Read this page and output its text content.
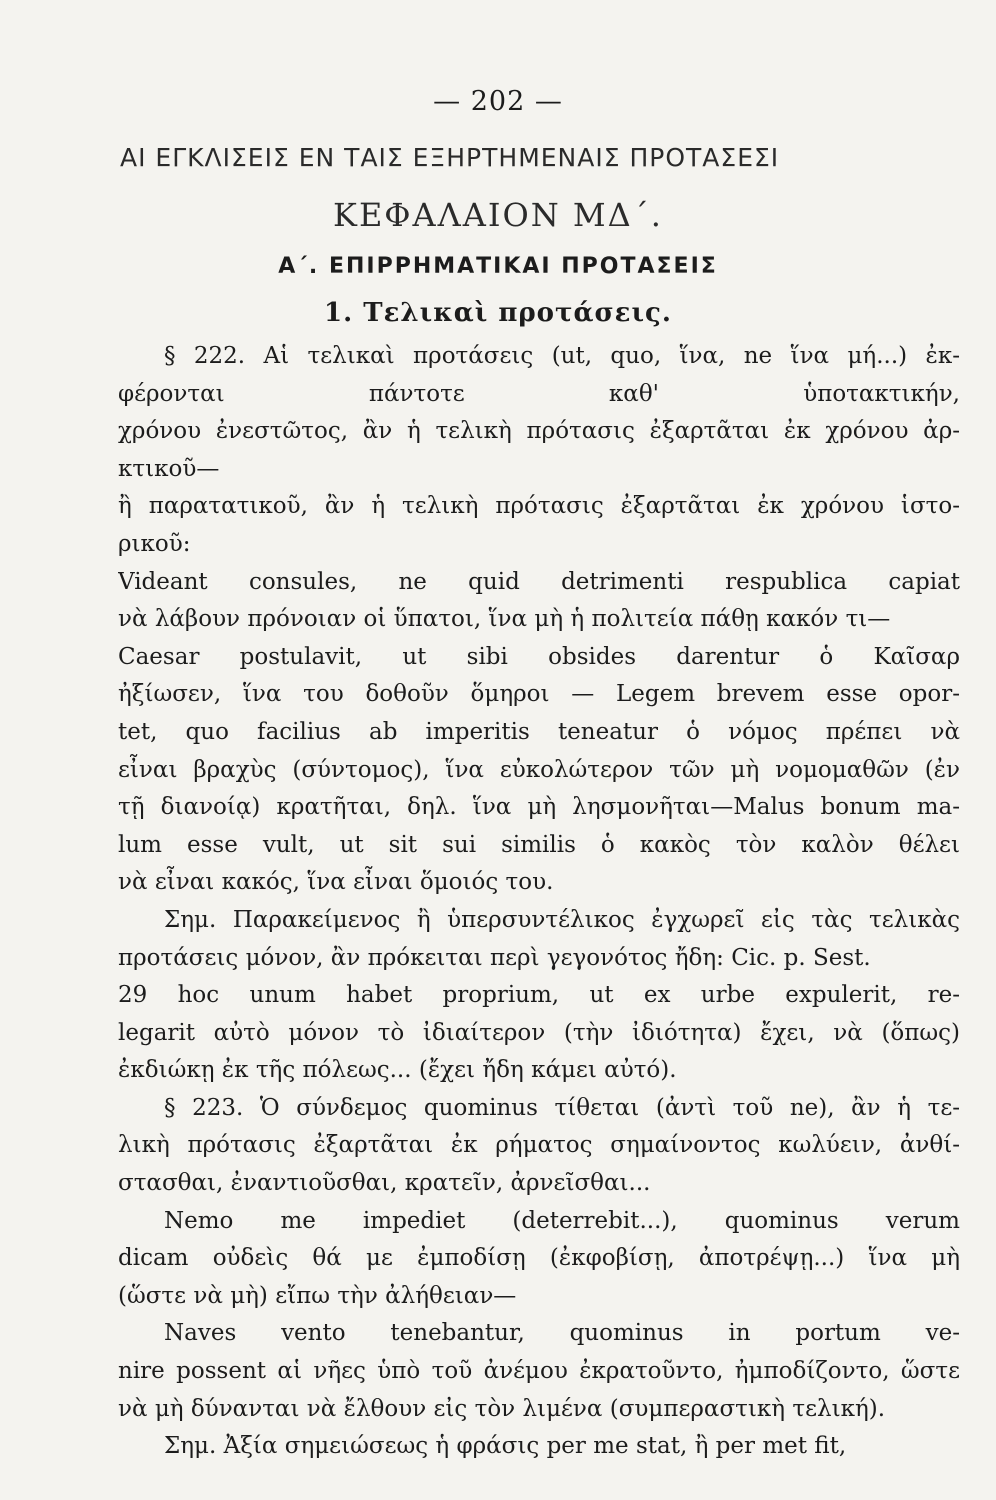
— 202 —
ΑΙ ΕΓΚΛΙΣΕΙΣ ΕΝ ΤΑΙΣ ΕΞΗΡΤΗΜΕΝΑΙΣ ΠΡΟΤΑΣΕΣΙ
ΚΕΦΑΛΑΙΟΝ ΜΔ΄.
Α΄. ΕΠΙΡΡΗΜΑΤΙΚΑΙ ΠΡΟΤΑΣΕΙΣ
1. Τελικαὶ προτάσεις.
§ 222. Αἱ τελικαὶ προτάσεις (ut, quo, ἵνα, ne ἵνα μή...) ἐκ-
φέρονται πάντοτε καθ' ὑποτακτικήν,
χρόνου ἐνεστῶτος, ἂν ἡ τελικὴ πρότασις ἐξαρτᾶται ἐκ χρόνου ἀρ-
κτικοῦ—
ἢ παρατατικοῦ, ἂν ἡ τελικὴ πρότασις ἐξαρτᾶται ἐκ χρόνου ἱστο-
ρικοῦ:
Videant consules, ne quid detrimenti respublica capiat
νὰ λάβουν πρόνοιαν οἱ ὕπατοι, ἵνα μὴ ἡ πολιτεία πάθῃ κακόν τι—
Caesar postulavit, ut sibi obsides darentur ὁ Καῖσαρ
ἠξίωσεν, ἵνα του δοθοῦν ὅμηροι — Legem brevem esse opor-
tet, quo facilius ab imperitis teneatur ὁ νόμος πρέπει νὰ
εἶναι βραχὺς (σύντομος), ἵνα εὐκολώτερον τῶν μὴ νομομαθῶν (ἐν
τῇ διανοίᾳ) κρατῆται, δηλ. ἵνα μὴ λησμονῆται—Malus bonum ma-
lum esse vult, ut sit sui similis ὁ κακὸς τὸν καλὸν θέλει
νὰ εἶναι κακός, ἵνα εἶναι ὅμοιός του.
Σημ. Παρακείμενος ἢ ὑπερσυντέλικος ἐγχωρεῖ εἰς τὰς τελικὰς
προτάσεις μόνον, ἂν πρόκειται περὶ γεγονότος ἤδη: Cic. p. Sest.
29 hoc unum habet proprium, ut ex urbe expulerit, re-
legarit αὐτὸ μόνον τὸ ἰδιαίτερον (τὴν ἰδιότητα) ἔχει, νὰ (ὅπως)
ἐκδιώκῃ ἐκ τῆς πόλεως... (ἔχει ἤδη κάμει αὐτό).
§ 223. Ὁ σύνδεμος quominus τίθεται (ἀντὶ τοῦ ne), ἂν ἡ τε-
λικὴ πρότασις ἐξαρτᾶται ἐκ ρήματος σημαίνοντος κωλύειν, ἀνθί-
στασθαι, ἐναντιοῦσθαι, κρατεῖν, ἀρνεῖσθαι...
Nemo me impediet (deterrebit...), quominus verum
dicam οὐδεὶς θά με ἐμποδίσῃ (ἐκφοβίσῃ, ἀποτρέψῃ...) ἵνα μὴ
(ὥστε νὰ μὴ) εἴπω τὴν ἀλήθειαν—
Naves vento tenebantur, quominus in portum ve-
nire possent αἱ νῆες ὑπὸ τοῦ ἀνέμου ἐκρατοῦντο, ἠμποδίζοντο, ὥστε
νὰ μὴ δύνανται νὰ ἔλθουν εἰς τὸν λιμένα (συμπεραστικὴ τελική).
Σημ. Ἀξία σημειώσεως ἡ φράσις per me stat, ἢ per met fit,
